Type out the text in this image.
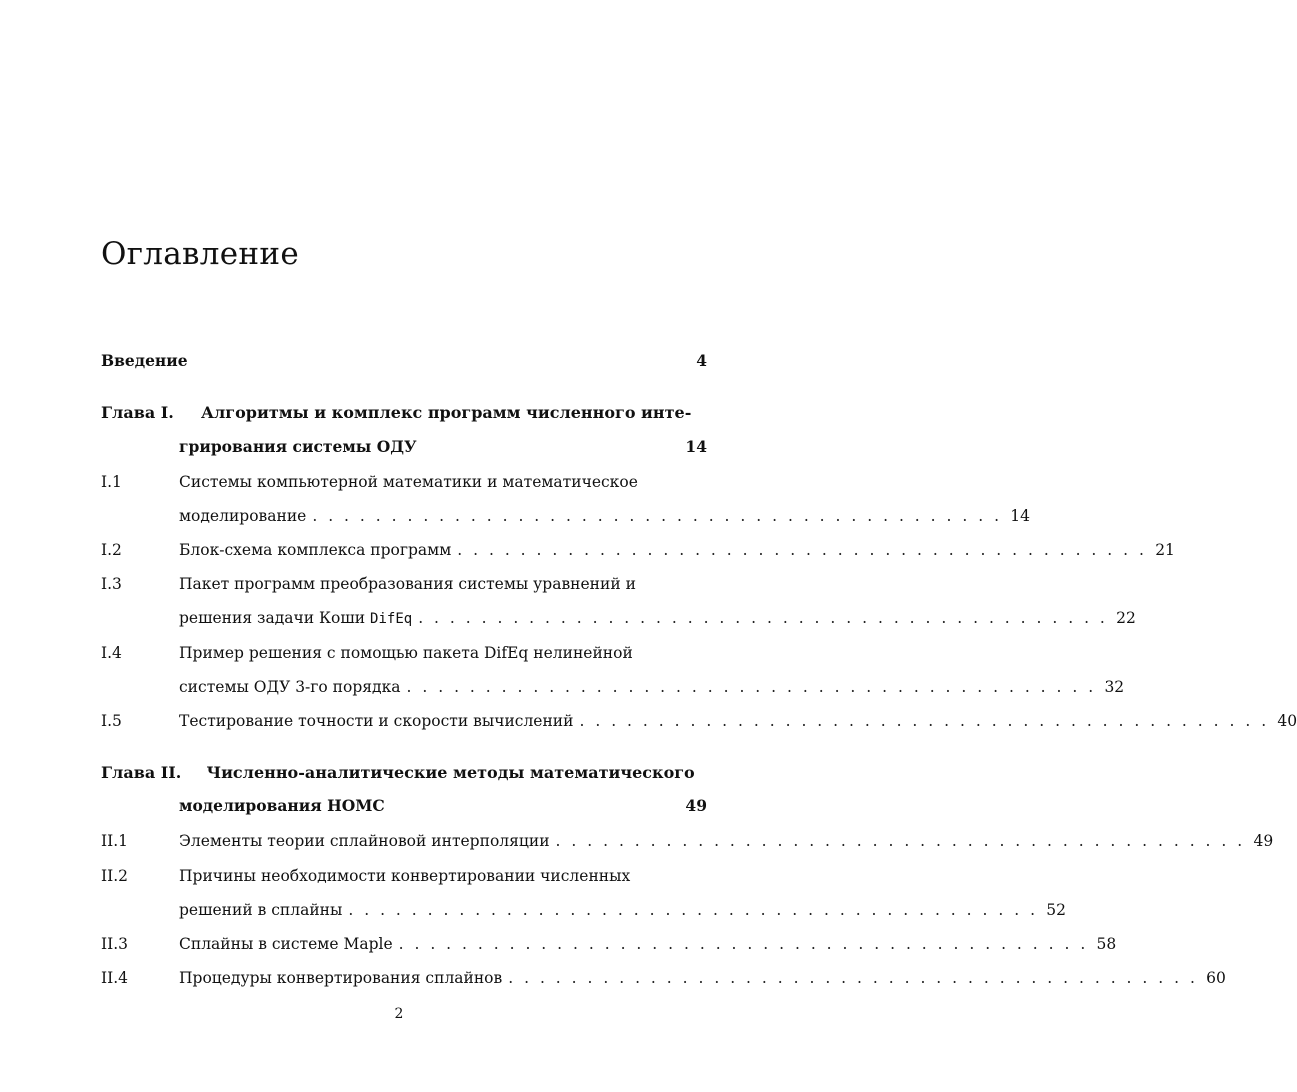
Оглавление
Введение	4
Глава I. Алгоритмы и комплекс программ численного инте-
грирования системы ОДУ	14
I.1	Системы компьютерной математики и математическое
моделирование . . . . . . . . . . . . . . . . . . . . . . . . . . . . . . . . . . . . . . . . . . . . 14
I.2	Блок-схема комплекса программ . . . . . . . . . . . . . . . . . . . . . . . . . . . . . . . . . . . . . . . . . . . . 21
I.3	Пакет программ преобразования системы уравнений и
решения задачи Коши DifEq . . . . . . . . . . . . . . . . . . . . . . . . . . . . . . . . . . . . . . . . . . . . 22
I.4	Пример решения с помощью пакета DifEq нелинейной
системы ОДУ 3-го порядка . . . . . . . . . . . . . . . . . . . . . . . . . . . . . . . . . . . . . . . . . . . . 32
I.5	Тестирование точности и скорости вычислений . . . . . . . . . . . . . . . . . . . . . . . . . . . . . . . . . . . . . . . . . . . . 40
Глава II. Численно-аналитические методы математического
моделирования НОМС	49
II.1	Элементы теории сплайновой интерполяции . . . . . . . . . . . . . . . . . . . . . . . . . . . . . . . . . . . . . . . . . . . . 49
II.2	Причины необходимости конвертировании численных
решений в сплайны . . . . . . . . . . . . . . . . . . . . . . . . . . . . . . . . . . . . . . . . . . . . 52
II.3	Сплайны в системе Maple . . . . . . . . . . . . . . . . . . . . . . . . . . . . . . . . . . . . . . . . . . . . 58
II.4	Процедуры конвертирования сплайнов . . . . . . . . . . . . . . . . . . . . . . . . . . . . . . . . . . . . . . . . . . . . 60
2
